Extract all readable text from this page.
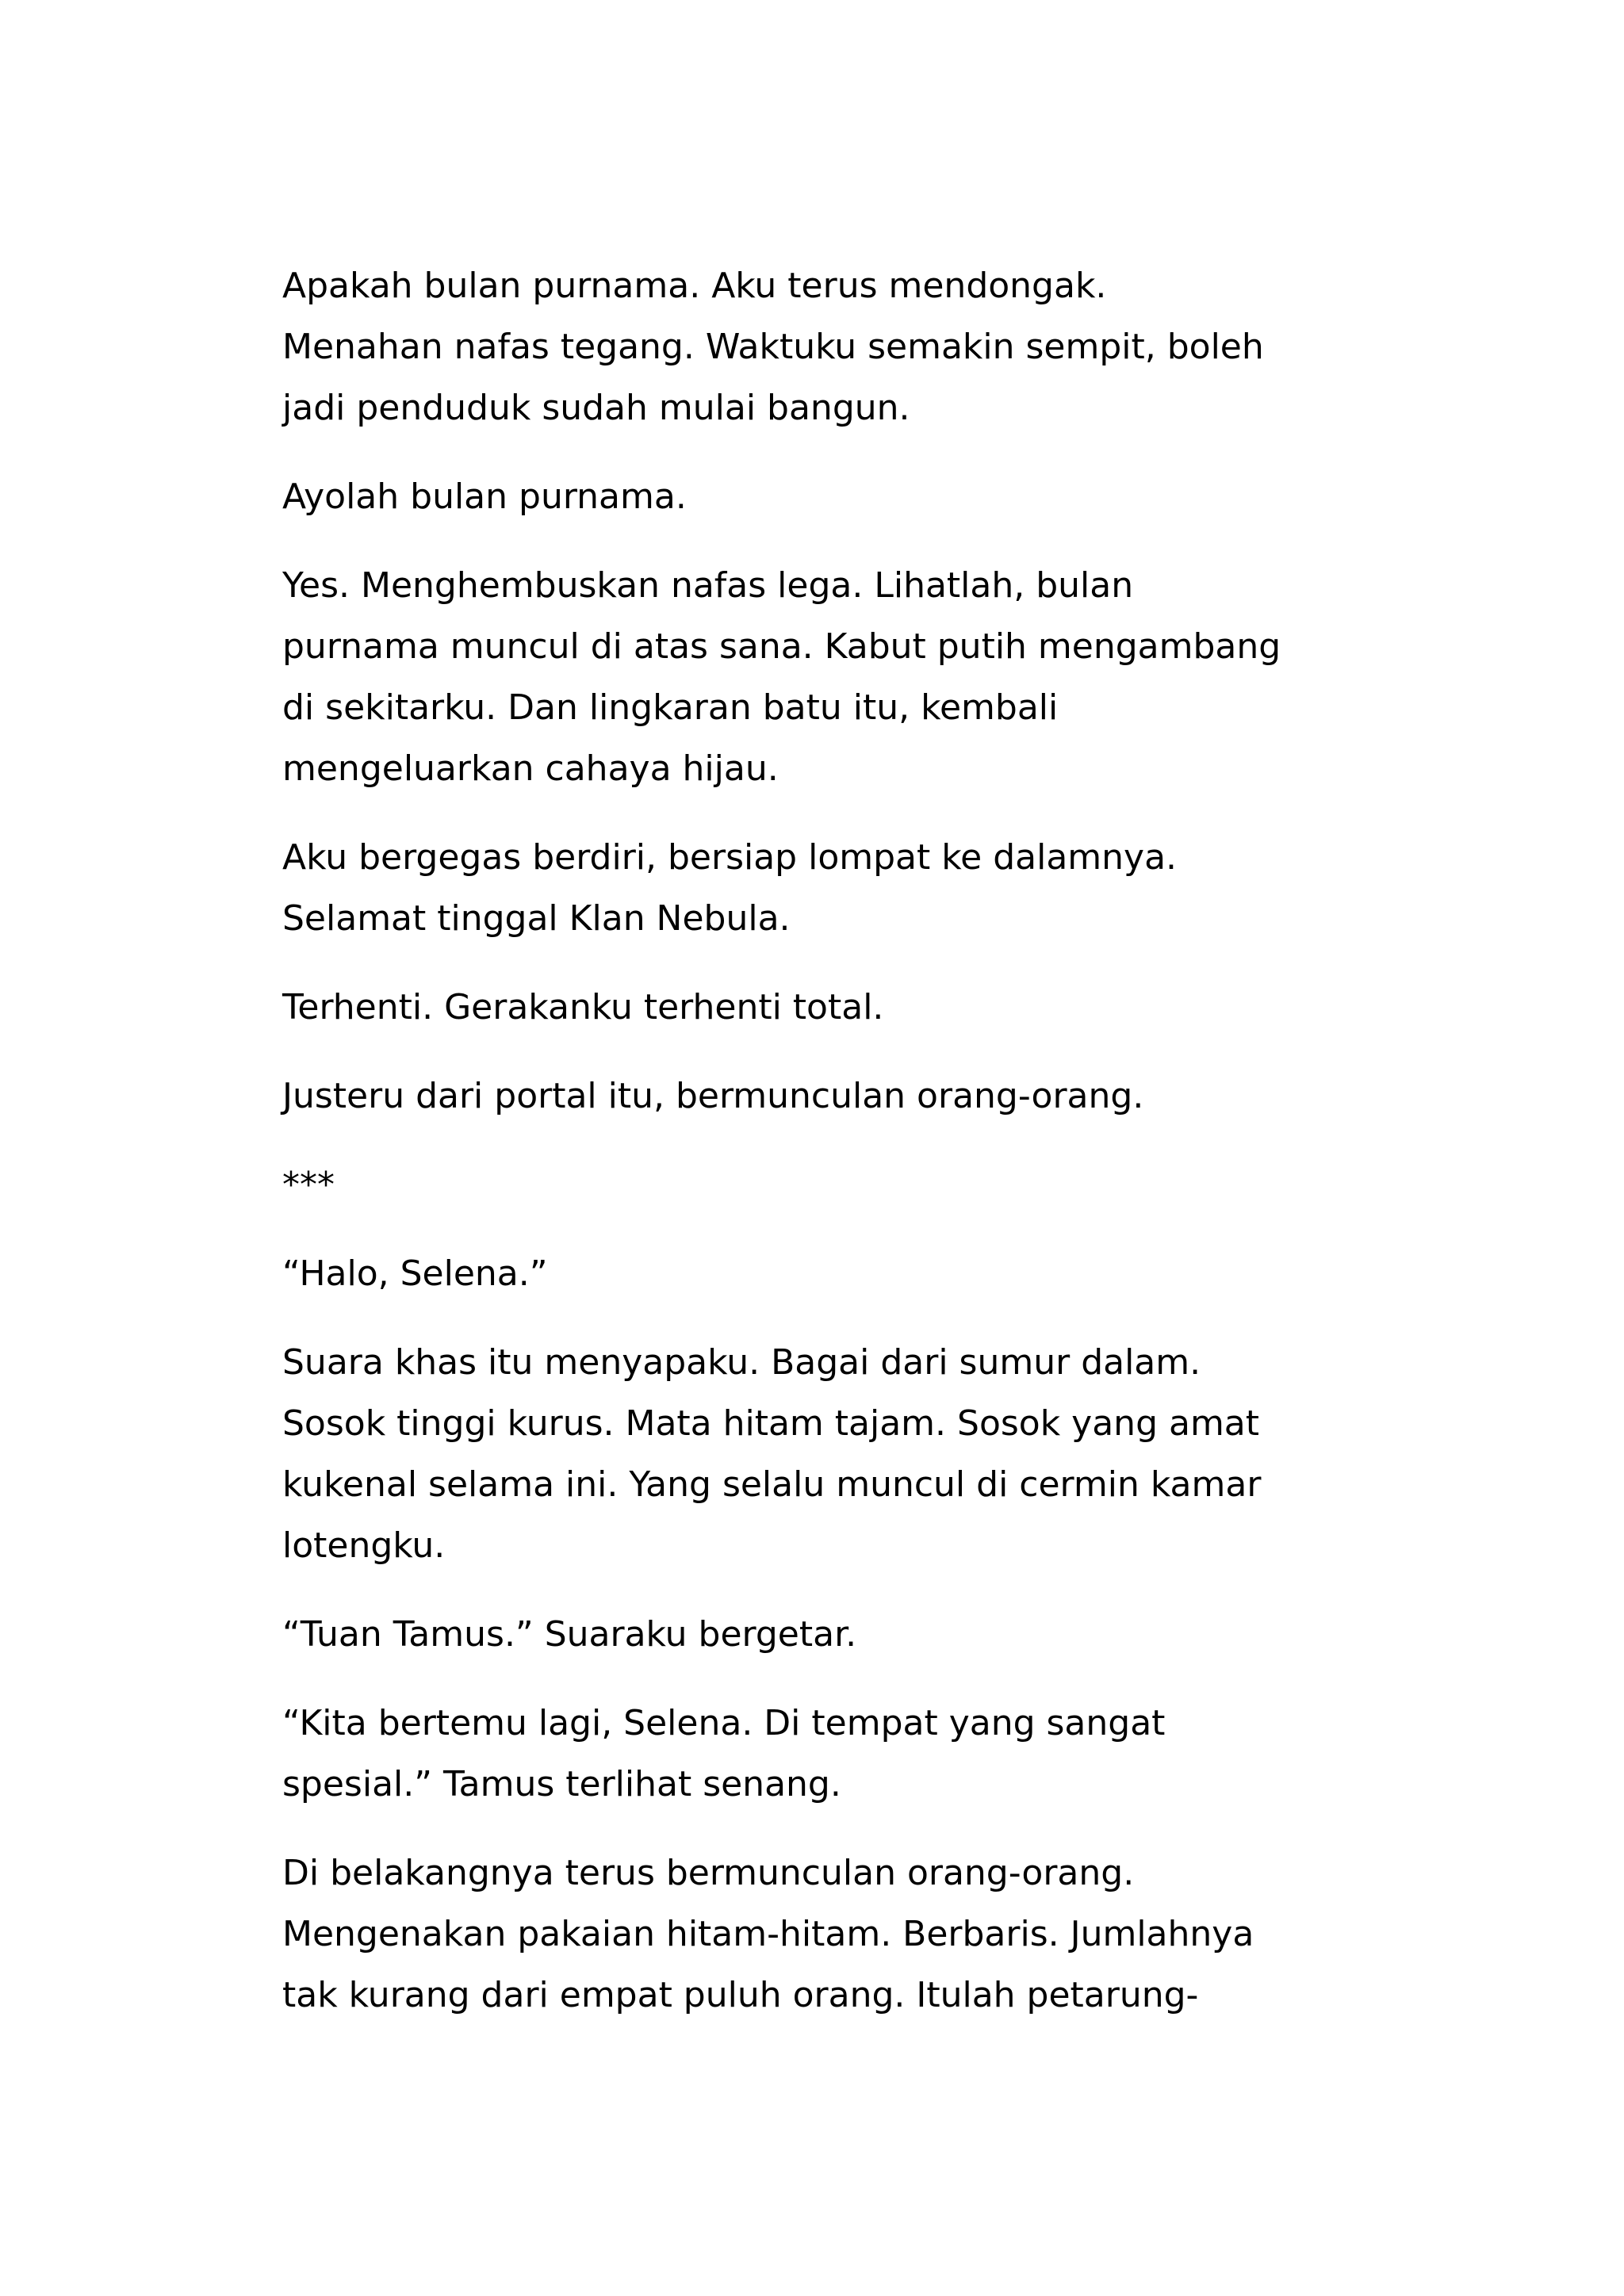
Apakah bulan purnama. Aku terus mendongak.
Menahan nafas tegang. Waktuku semakin sempit, boleh
jadi penduduk sudah mulai bangun.

Ayolah bulan purnama.

Yes. Menghembuskan nafas lega. Lihatlah, bulan
purnama muncul di atas sana. Kabut putih mengambang
di sekitarku. Dan lingkaran batu itu, kembali
mengeluarkan cahaya hijau.

Aku bergegas berdiri, bersiap lompat ke dalamnya.
Selamat tinggal Klan Nebula.

Terhenti. Gerakanku terhenti total.

Justeru dari portal itu, bermunculan orang-orang.

***

“Halo, Selena.”

Suara khas itu menyapaku. Bagai dari sumur dalam.
Sosok tinggi kurus. Mata hitam tajam. Sosok yang amat
kukenal selama ini. Yang selalu muncul di cermin kamar
lotengku.

“Tuan Tamus.” Suaraku bergetar.

“Kita bertemu lagi, Selena. Di tempat yang sangat
spesial.” Tamus terlihat senang.

Di belakangnya terus bermunculan orang-orang.
Mengenakan pakaian hitam-hitam. Berbaris. Jumlahnya
tak kurang dari empat puluh orang. Itulah petarung-
